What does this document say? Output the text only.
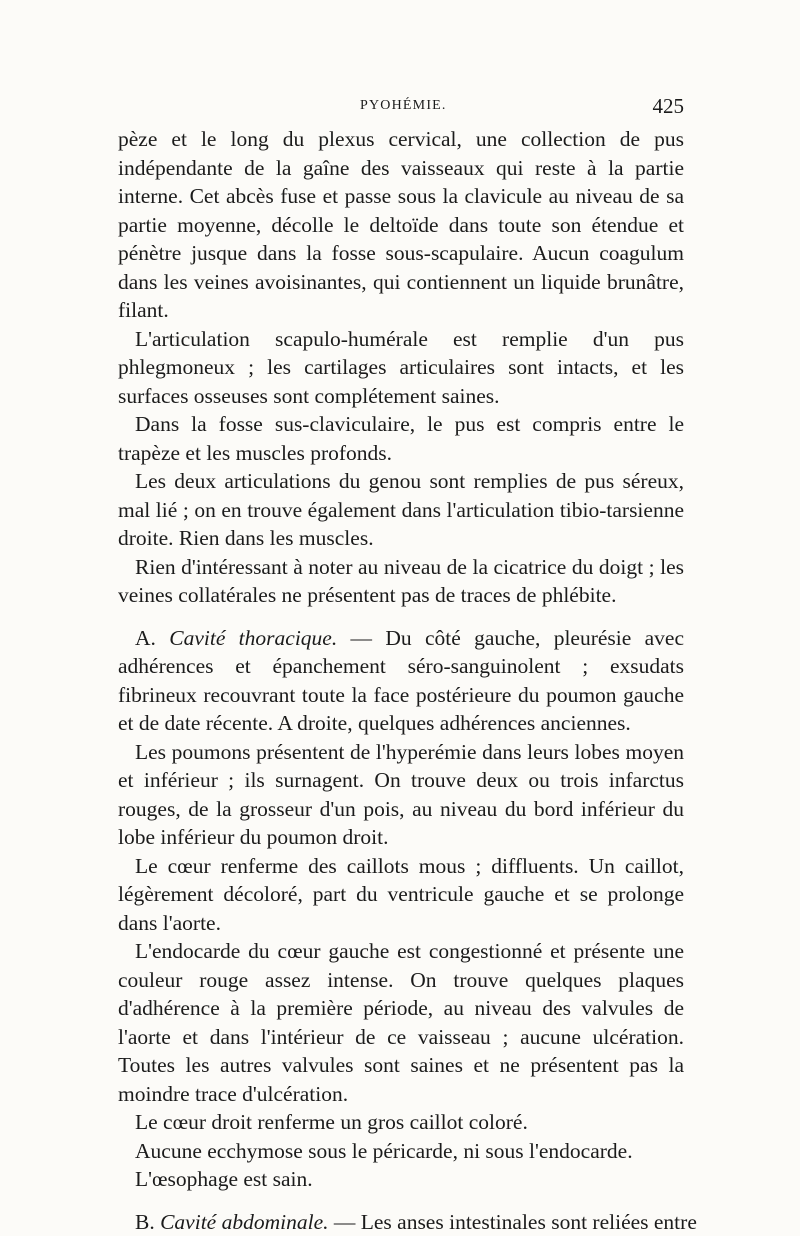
PYOHÉMIE.	425

pèze et le long du plexus cervical, une collection de pus indépendante de la gaîne des vaisseaux qui reste à la partie interne. Cet abcès fuse et passe sous la clavicule au niveau de sa partie moyenne, décolle le deltoïde dans toute son étendue et pénètre jusque dans la fosse sous-scapulaire. Aucun coagulum dans les veines avoisinantes, qui contiennent un liquide brunâtre, filant.

L'articulation scapulo-humérale est remplie d'un pus phlegmoneux ; les cartilages articulaires sont intacts, et les surfaces osseuses sont complétement saines.

Dans la fosse sus-claviculaire, le pus est compris entre le trapèze et les muscles profonds.

Les deux articulations du genou sont remplies de pus séreux, mal lié ; on en trouve également dans l'articulation tibio-tarsienne droite. Rien dans les muscles.

Rien d'intéressant à noter au niveau de la cicatrice du doigt ; les veines collatérales ne présentent pas de traces de phlébite.

A. Cavité thoracique. — Du côté gauche, pleurésie avec adhérences et épanchement séro-sanguinolent ; exsudats fibrineux recouvrant toute la face postérieure du poumon gauche et de date récente. A droite, quelques adhérences anciennes.

Les poumons présentent de l'hyperémie dans leurs lobes moyen et inférieur ; ils surnagent. On trouve deux ou trois infarctus rouges, de la grosseur d'un pois, au niveau du bord inférieur du lobe inférieur du poumon droit.

Le cœur renferme des caillots mous ; diffluents. Un caillot, légèrement décoloré, part du ventricule gauche et se prolonge dans l'aorte.

L'endocarde du cœur gauche est congestionné et présente une couleur rouge assez intense. On trouve quelques plaques d'adhérence à la première période, au niveau des valvules de l'aorte et dans l'intérieur de ce vaisseau ; aucune ulcération. Toutes les autres valvules sont saines et ne présentent pas la moindre trace d'ulcération.

Le cœur droit renferme un gros caillot coloré.

Aucune ecchymose sous le péricarde, ni sous l'endocarde.

L'œsophage est sain.

B. Cavité abdominale. — Les anses intestinales sont reliées entre
